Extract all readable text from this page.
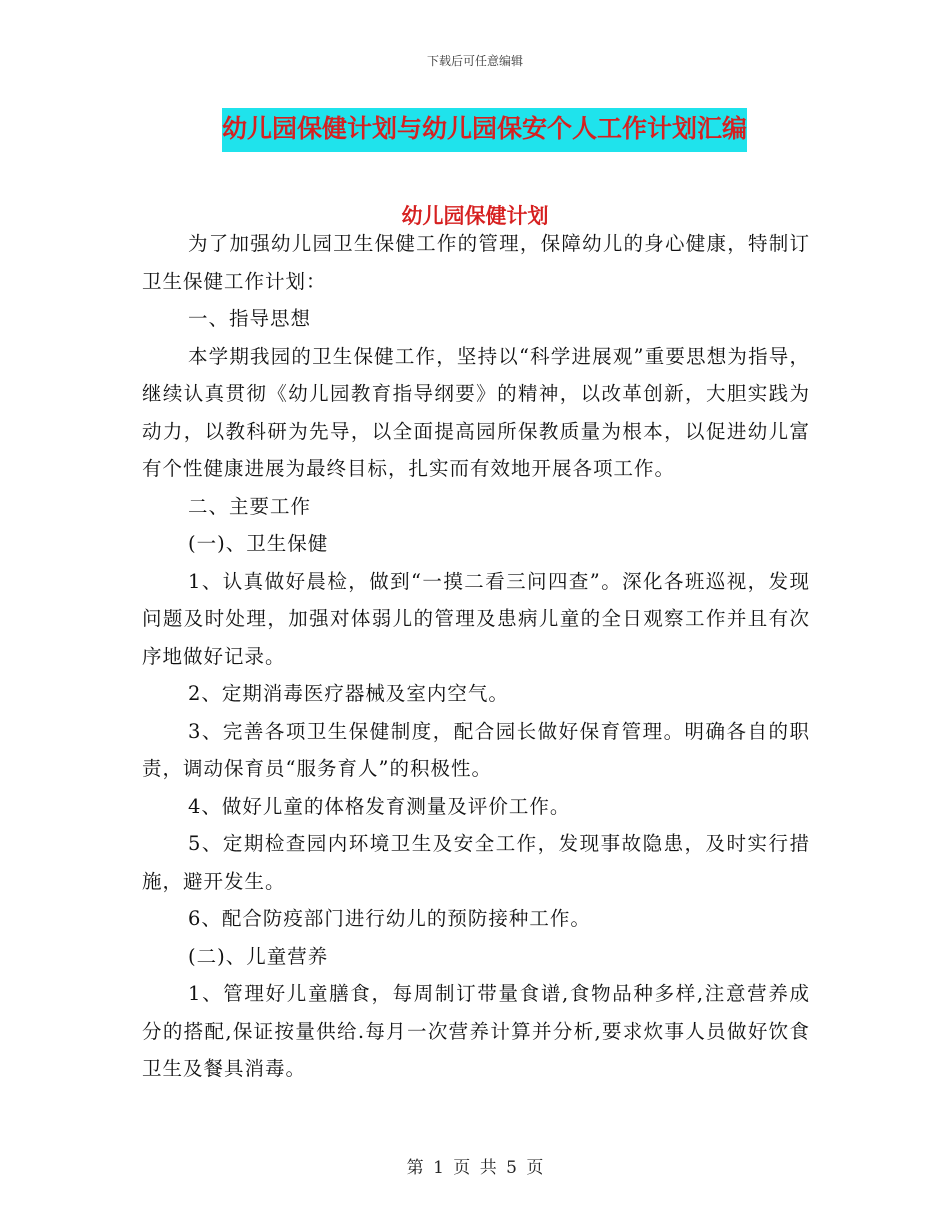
下载后可任意编辑
幼儿园保健计划与幼儿园保安个人工作计划汇编
幼儿园保健计划

为了加强幼儿园卫生保健工作的管理，保障幼儿的身心健康，特制订卫生保健工作计划：

一、指导思想

本学期我园的卫生保健工作，坚持以“科学进展观”重要思想为指导，继续认真贯彻《幼儿园教育指导纲要》的精神，以改革创新，大胆实践为动力，以教科研为先导，以全面提高园所保教质量为根本，以促进幼儿富有个性健康进展为最终目标，扎实而有效地开展各项工作。

二、主要工作

(一)、卫生保健

1、认真做好晨检，做到“一摸二看三问四查”。深化各班巡视，发现问题及时处理，加强对体弱儿的管理及患病儿童的全日观察工作并且有次序地做好记录。

2、定期消毒医疗器械及室内空气。

3、完善各项卫生保健制度，配合园长做好保育管理。明确各自的职责，调动保育员“服务育人”的积极性。

4、做好儿童的体格发育测量及评价工作。

5、定期检查园内环境卫生及安全工作，发现事故隐患，及时实行措施，避开发生。

6、配合防疫部门进行幼儿的预防接种工作。

(二)、儿童营养

1、管理好儿童膳食，每周制订带量食谱,食物品种多样,注意营养成分的搭配,保证按量供给.每月一次营养计算并分析,要求炊事人员做好饮食卫生及餐具消毒。

第 1 页 共 5 页
